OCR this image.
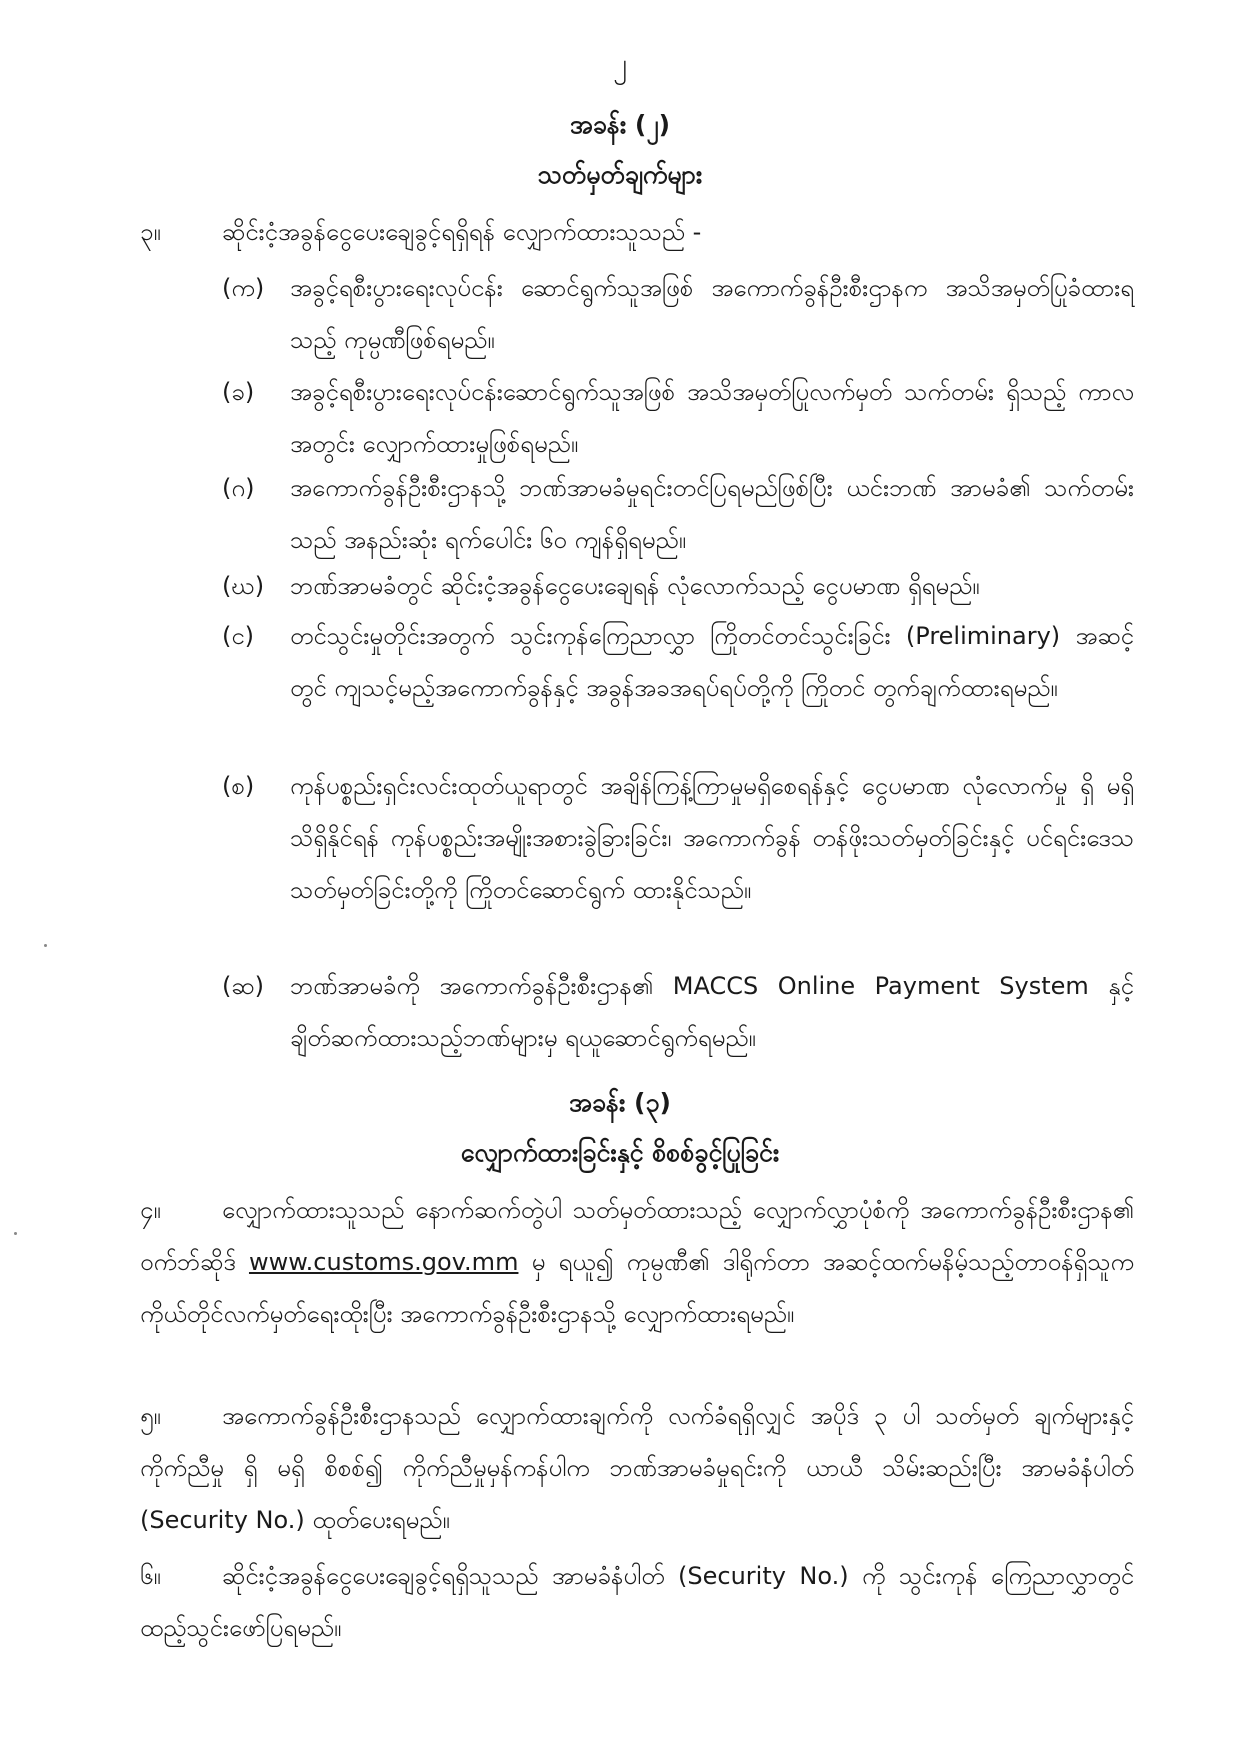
၂
အခန်း (၂)
သတ်မှတ်ချက်များ
၃။	ဆိုင်းငံ့အခွန်ငွေပေးချေခွင့်ရရှိရန် လျှောက်ထားသူသည် -
(က)	အခွင့်ရစီးပွားရေးလုပ်ငန်း ဆောင်ရွက်သူအဖြစ် အကောက်ခွန်ဦးစီးဌာနက အသိအမှတ်ပြုခံထားရသည့် ကုမ္ပဏီဖြစ်ရမည်။
(ခ)	အခွင့်ရစီးပွားရေးလုပ်ငန်းဆောင်ရွက်သူအဖြစ် အသိအမှတ်ပြုလက်မှတ် သက်တမ်း ရှိသည့် ကာလအတွင်း လျှောက်ထားမှုဖြစ်ရမည်။
(ဂ)	အကောက်ခွန်ဦးစီးဌာနသို့ ဘဏ်အာမခံမှုရင်းတင်ပြရမည်ဖြစ်ပြီး ယင်းဘဏ် အာမခံ၏ သက်တမ်းသည် အနည်းဆုံး ရက်ပေါင်း ၆၀ ကျန်ရှိရမည်။
(ဃ)	ဘဏ်အာမခံတွင် ဆိုင်းငံ့အခွန်ငွေပေးချေရန် လုံလောက်သည့် ငွေပမာဏ ရှိရမည်။
(င)	တင်သွင်းမှုတိုင်းအတွက် သွင်းကုန်ကြေညာလွှာ ကြိုတင်တင်သွင်းခြင်း (Preliminary) အဆင့်တွင် ကျသင့်မည့်အကောက်ခွန်နှင့် အခွန်အခအရပ်ရပ်တို့ကို ကြိုတင် တွက်ချက်ထားရမည်။
(စ)	ကုန်ပစ္စည်းရှင်းလင်းထုတ်ယူရာတွင် အချိန်ကြန့်ကြာမှုမရှိစေရန်နှင့် ငွေပမာဏ လုံလောက်မှု ရှိ မရှိ သိရှိနိုင်ရန် ကုန်ပစ္စည်းအမျိုးအစားခွဲခြားခြင်း၊ အကောက်ခွန် တန်ဖိုးသတ်မှတ်ခြင်းနှင့် ပင်ရင်းဒေသသတ်မှတ်ခြင်းတို့ကို ကြိုတင်ဆောင်ရွက် ထားနိုင်သည်။
(ဆ)	ဘဏ်အာမခံကို အကောက်ခွန်ဦးစီးဌာန၏ MACCS Online Payment System နှင့် ချိတ်ဆက်ထားသည့်ဘဏ်များမှ ရယူဆောင်ရွက်ရမည်။
အခန်း (၃)
လျှောက်ထားခြင်းနှင့် စိစစ်ခွင့်ပြုခြင်း
၄။	လျှောက်ထားသူသည် နောက်ဆက်တွဲပါ သတ်မှတ်ထားသည့် လျှောက်လွှာပုံစံကို အကောက်ခွန်ဦးစီးဌာန၏ ဝက်ဘ်ဆိုဒ် www.customs.gov.mm မှ ရယူ၍ ကုမ္ပဏီ၏ ဒါရိုက်တာ အဆင့်ထက်မနိမ့်သည့်တာဝန်ရှိသူက ကိုယ်တိုင်လက်မှတ်ရေးထိုးပြီး အကောက်ခွန်ဦးစီးဌာနသို့ လျှောက်ထားရမည်။
၅။	အကောက်ခွန်ဦးစီးဌာနသည် လျှောက်ထားချက်ကို လက်ခံရရှိလျှင် အပိုဒ် ၃ ပါ သတ်မှတ် ချက်များနှင့် ကိုက်ညီမှု ရှိ မရှိ စိစစ်၍ ကိုက်ညီမှုမှန်ကန်ပါက ဘဏ်အာမခံမှုရင်းကို ယာယီ သိမ်းဆည်းပြီး အာမခံနံပါတ် (Security No.) ထုတ်ပေးရမည်။
၆။	ဆိုင်းငံ့အခွန်ငွေပေးချေခွင့်ရရှိသူသည် အာမခံနံပါတ် (Security No.) ကို သွင်းကုန် ကြေညာလွှာတွင် ထည့်သွင်းဖော်ပြရမည်။
